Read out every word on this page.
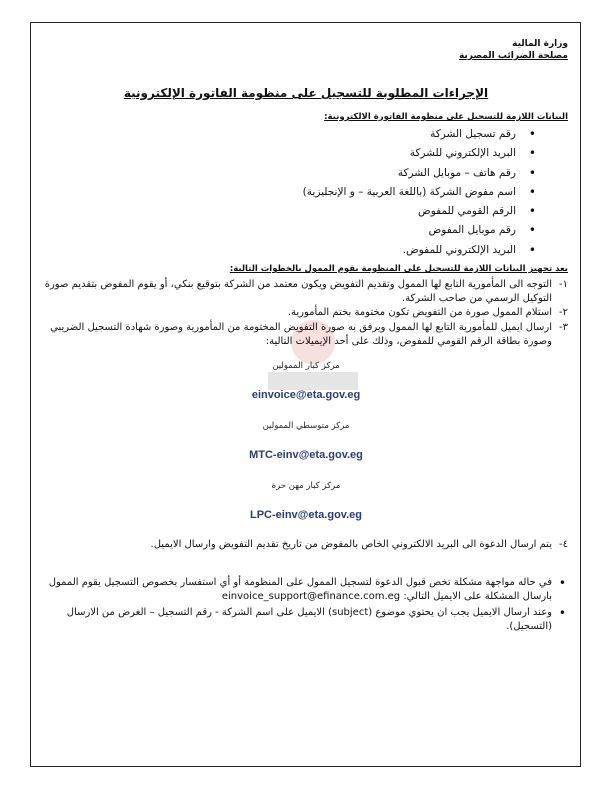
وزارة المالية
مصلحة الضرائب المصرية
الإجراءات المطلوبة للتسجيل على منظومة الفاتورة الإلكترونية
البيانات اللازمة للتسجيل على منظومة الفاتورة الالكترونية:
• رقم تسجيل الشركة
• البريد الإلكتروني للشركة
• رقم هاتف – موبايل الشركة
• اسم مفوض الشركة (باللغة العربية – و الإنجليزية)
• الرقم القومي للمفوض
• رقم موبايل المفوض
• البريد الإلكتروني للمفوض.
بعد تجهيز البيانات اللازمة للتسجيل على المنظومة يقوم الممول بالخطوات التالية:
١-
التوجه الى المأمورية التابع لها الممول وتقديم التفويض ويكون معتمد من الشركة بتوقيع بنكي، أو يقوم المفوض بتقديم صورة التوكيل الرسمي من صاحب الشركة.
٢-
استلام الممول صورة من التفويض تكون مختومة بختم المأمورية.
٣-
ارسال ايميل للمأمورية التابع لها الممول ويرفق به صورة التفويض المختومة من المأمورية وصورة شهادة التسجيل الضريبي وصورة بطاقة الرقم القومي للمفوض، وذلك على أحد الإيميلات التالية:
مركز كبار الممولين
einvoice@eta.gov.eg
مركز متوسطي الممولين
MTC-einv@eta.gov.eg
مركز كبار مهن حرة
LPC-einv@eta.gov.eg
٤-
يتم ارسال الدعوة الى البريد الالكتروني الخاص بالمفوض من تاريخ تقديم التفويض وارسال الايميل.
• في حاله مواجهة مشكلة تخص قبول الدعوة لتسجيل الممول على المنظومة أو أي استفسار بخصوص التسجيل يقوم الممول بارسال المشكلة على الايميل التالي: einvoice_support@efinance.com.eg
• وعند ارسال الايميل يجب ان يحتوي موضوع (subject) الايميل على اسم الشركة - رقم التسجيل – الغرض من الارسال (التسجيل).
